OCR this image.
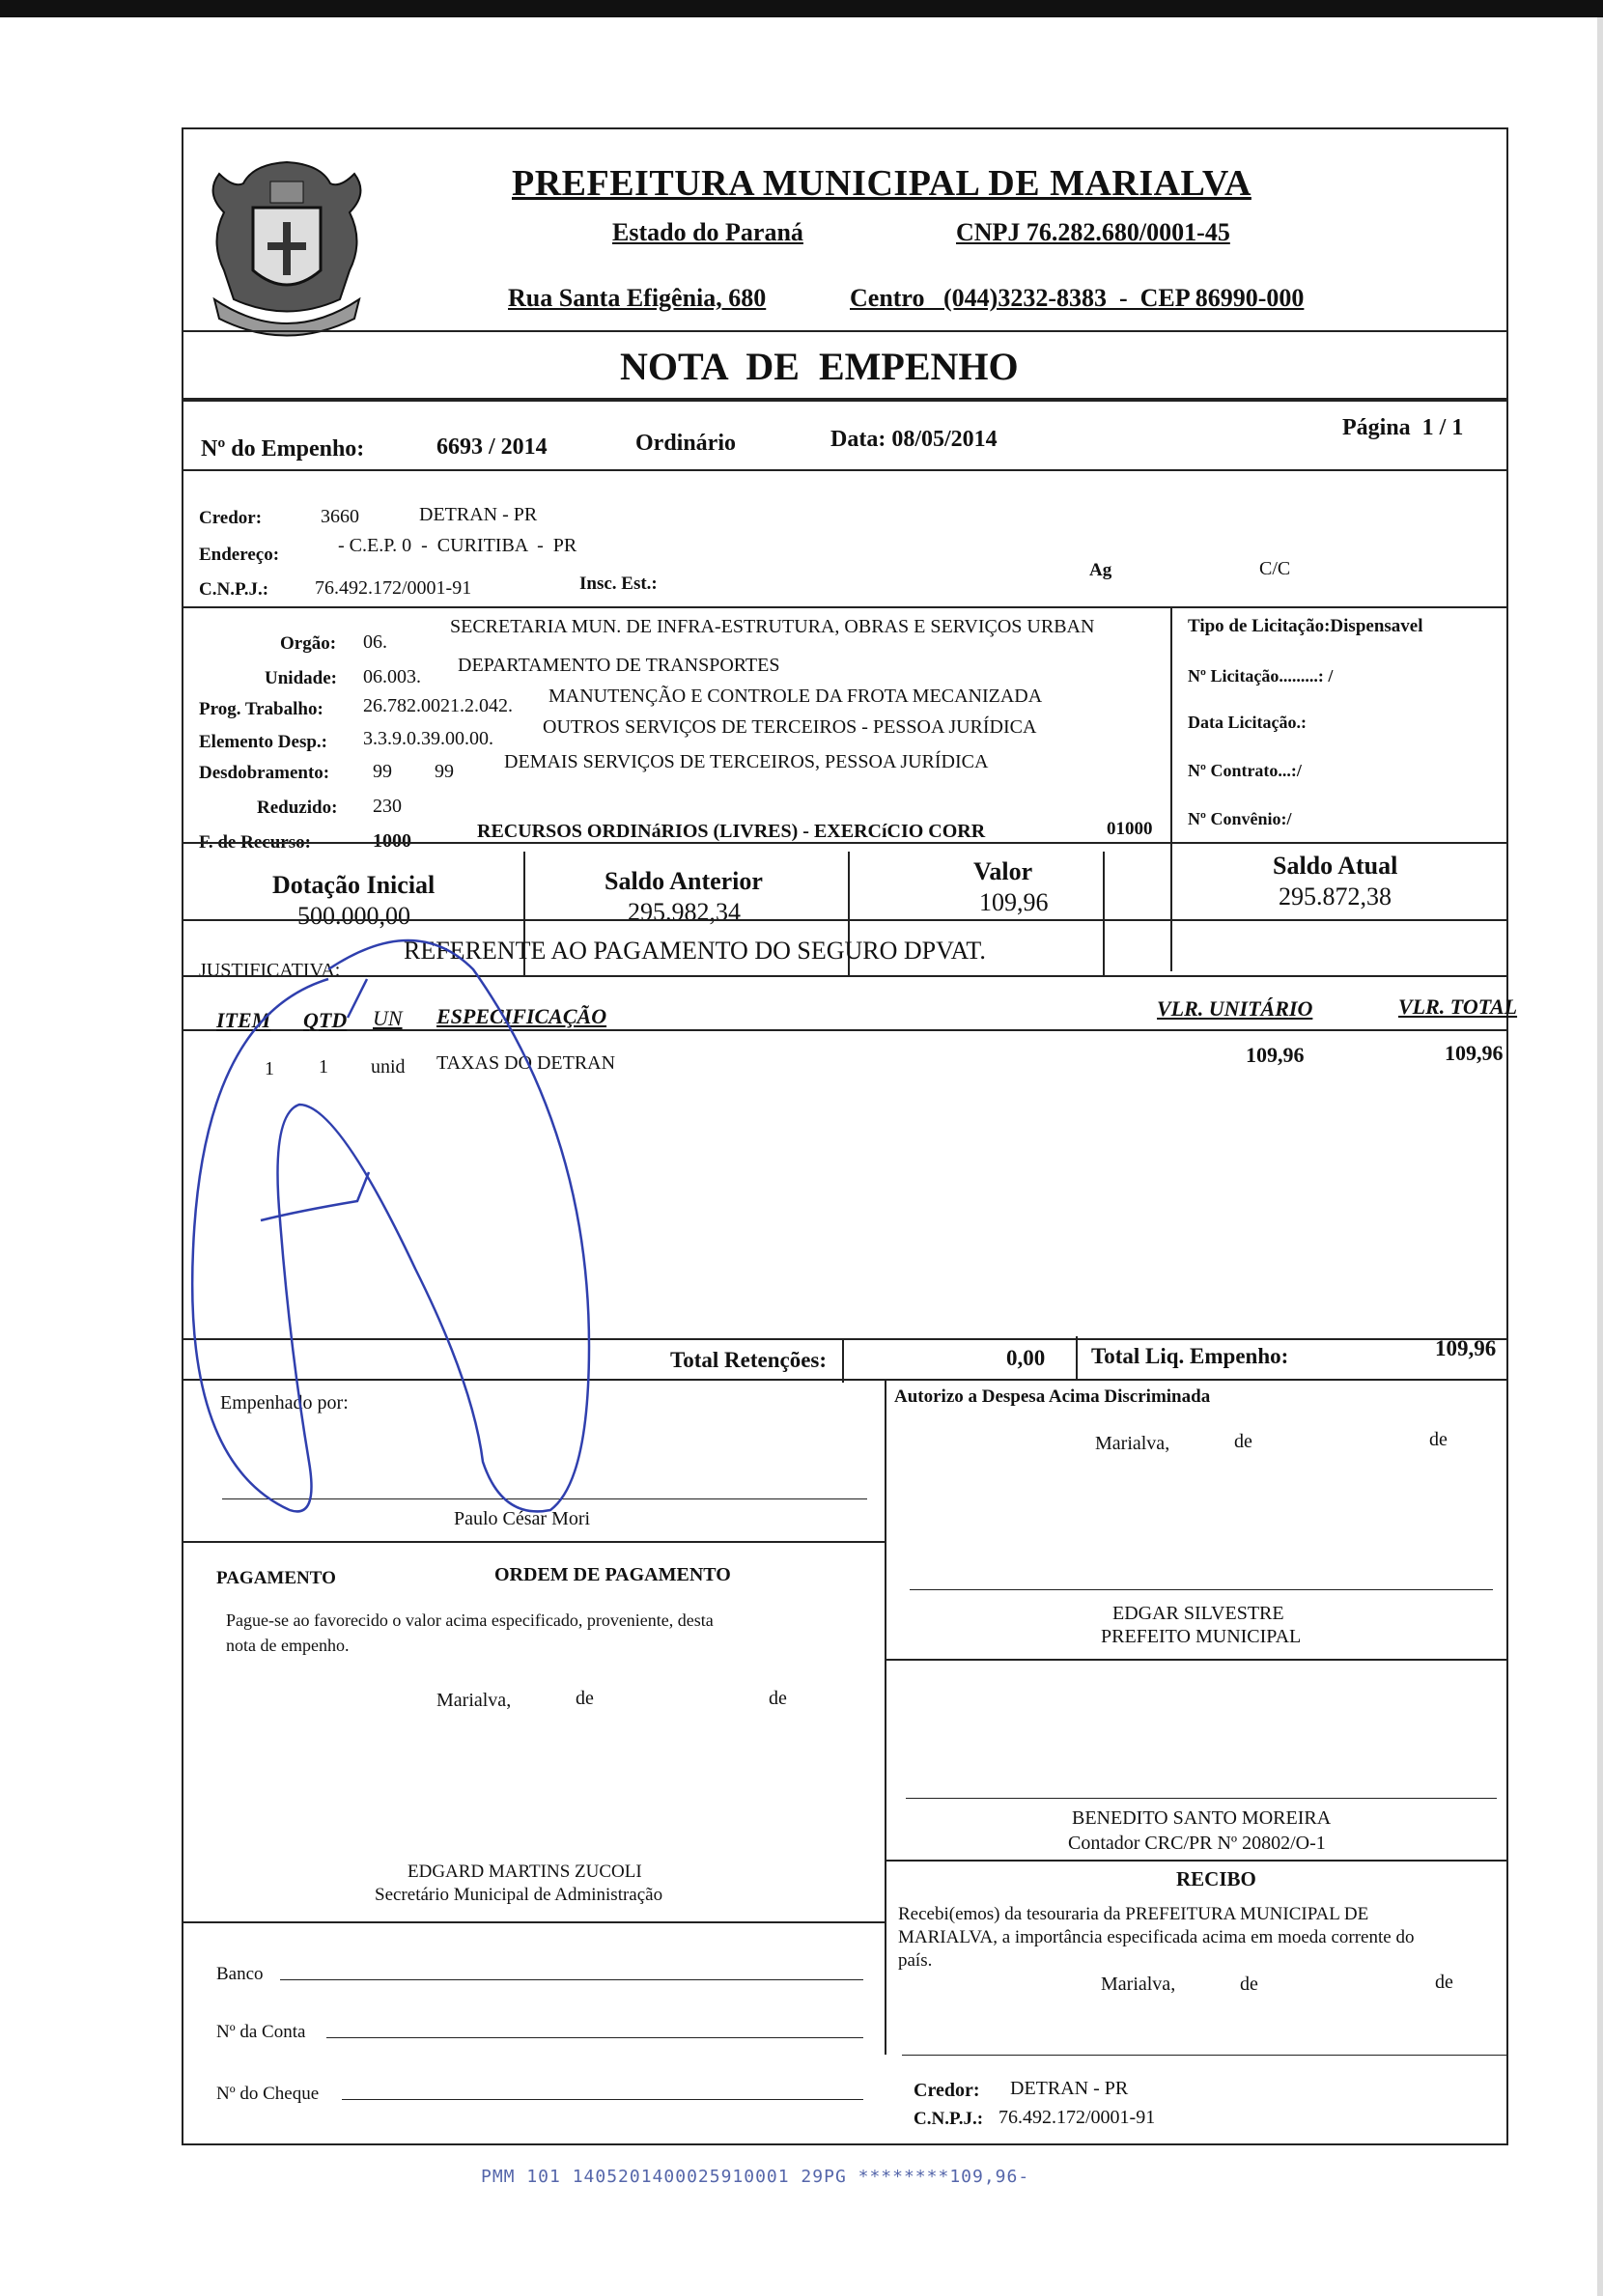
PREFEITURA MUNICIPAL DE MARIALVA
Estado do Paraná	CNPJ 76.282.680/0001-45
Rua Santa Efigênia, 680	Centro   (044)3232-8383  -  CEP 86990-000
NOTA  DE  EMPENHO
Nº do Empenho:	6693 / 2014	Ordinário	Data: 08/05/2014	Página  1 / 1
Credor:	3660	DETRAN - PR
Endereço:	- C.E.P. 0  -  CURITIBA  -  PR
C.N.P.J.: 76.492.172/0001-91	Insc. Est.:
Ag	C/C
Orgão: 06.
SECRETARIA MUN. DE INFRA-ESTRUTURA, OBRAS E SERVIÇOS URBAN
Unidade: 06.003.
DEPARTAMENTO DE TRANSPORTES
Prog. Trabalho: 26.782.0021.2.042. MANUTENÇÃO E CONTROLE DA FROTA MECANIZADA
Elemento Desp.: 3.3.9.0.39.00.00.
OUTROS SERVIÇOS DE TERCEIROS - PESSOA JURÍDICA
Desdobramento: 99 99	DEMAIS SERVIÇOS DE TERCEIROS, PESSOA JURÍDICA
Reduzido: 230
F. de Recurso:	1000	RECURSOS ORDINáRIOS (LIVRES) - EXERCíCIO CORR	01000
Tipo de Licitação:Dispensavel
Nº Licitação.........: /
Data Licitação.:
Nº Contrato...:/
Nº Convênio:/
Dotação Inicial
500.000,00
Saldo Anterior
295.982,34
Valor
109,96
Saldo Atual
295.872,38
JUSTIFICATIVA:
REFERENTE AO PAGAMENTO DO SEGURO DPVAT.
ITEM QTD UN ESPECIFICAÇÃO	VLR. UNITÁRIO	VLR. TOTAL
1 1 unid TAXAS DO DETRAN	109,96	109,96
Total Retenções:	0,00 Total Liq. Empenho:	109,96
Empenhado por:
Paulo César Mori
Autorizo a Despesa Acima Discriminada
Marialva,	de	de
PAGAMENTO	ORDEM DE PAGAMENTO
Pague-se ao favorecido o valor acima especificado, proveniente, desta
nota de empenho.
Marialva,	de	de
EDGARD MARTINS ZUCOLI
Secretário Municipal de Administração
EDGAR SILVESTRE
PREFEITO MUNICIPAL
BENEDITO SANTO MOREIRA
Contador CRC/PR Nº 20802/O-1
RECIBO
Recebi(emos) da tesouraria da PREFEITURA MUNICIPAL DE
MARIALVA, a importância especificada acima em moeda corrente do
país.
Marialva,	de	de
Credor: DETRAN - PR
C.N.P.J.: 76.492.172/0001-91
Banco
Nº da Conta
Nº do Cheque
PMM 101 1405201400025910001 29PG ********109,96-
